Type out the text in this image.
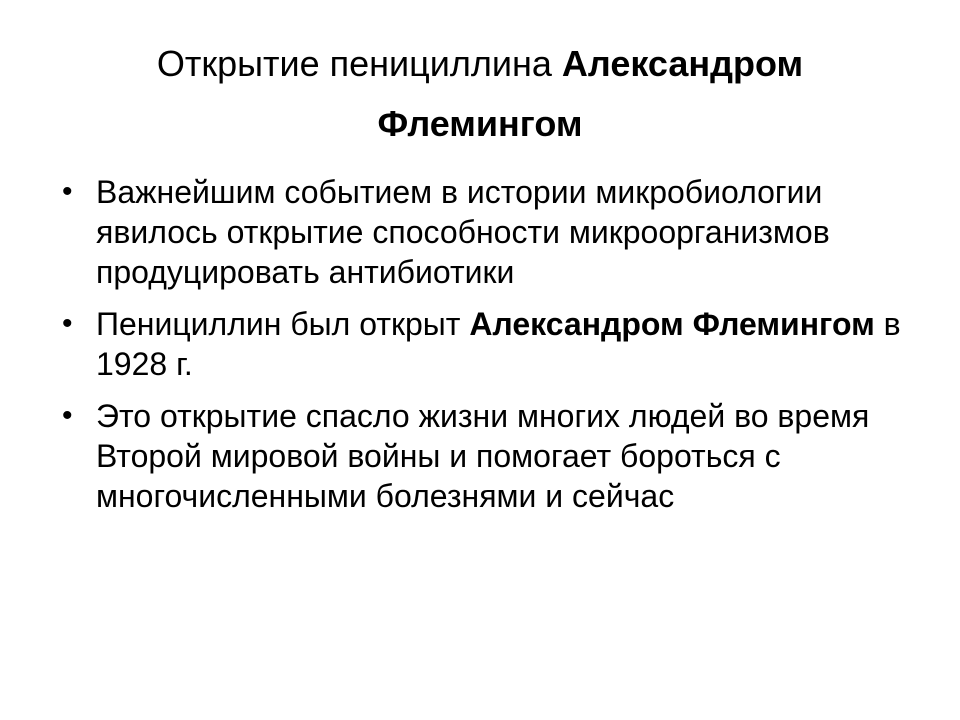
Открытие пенициллина Александром
Флемингом
• Важнейшим событием в истории микробиологии явилось открытие способности микроорганизмов продуцировать антибиотики
• Пенициллин был открыт Александром Флемингом в 1928 г.
• Это открытие спасло жизни многих людей во время Второй мировой войны и помогает бороться с многочисленными болезнями и сейчас
